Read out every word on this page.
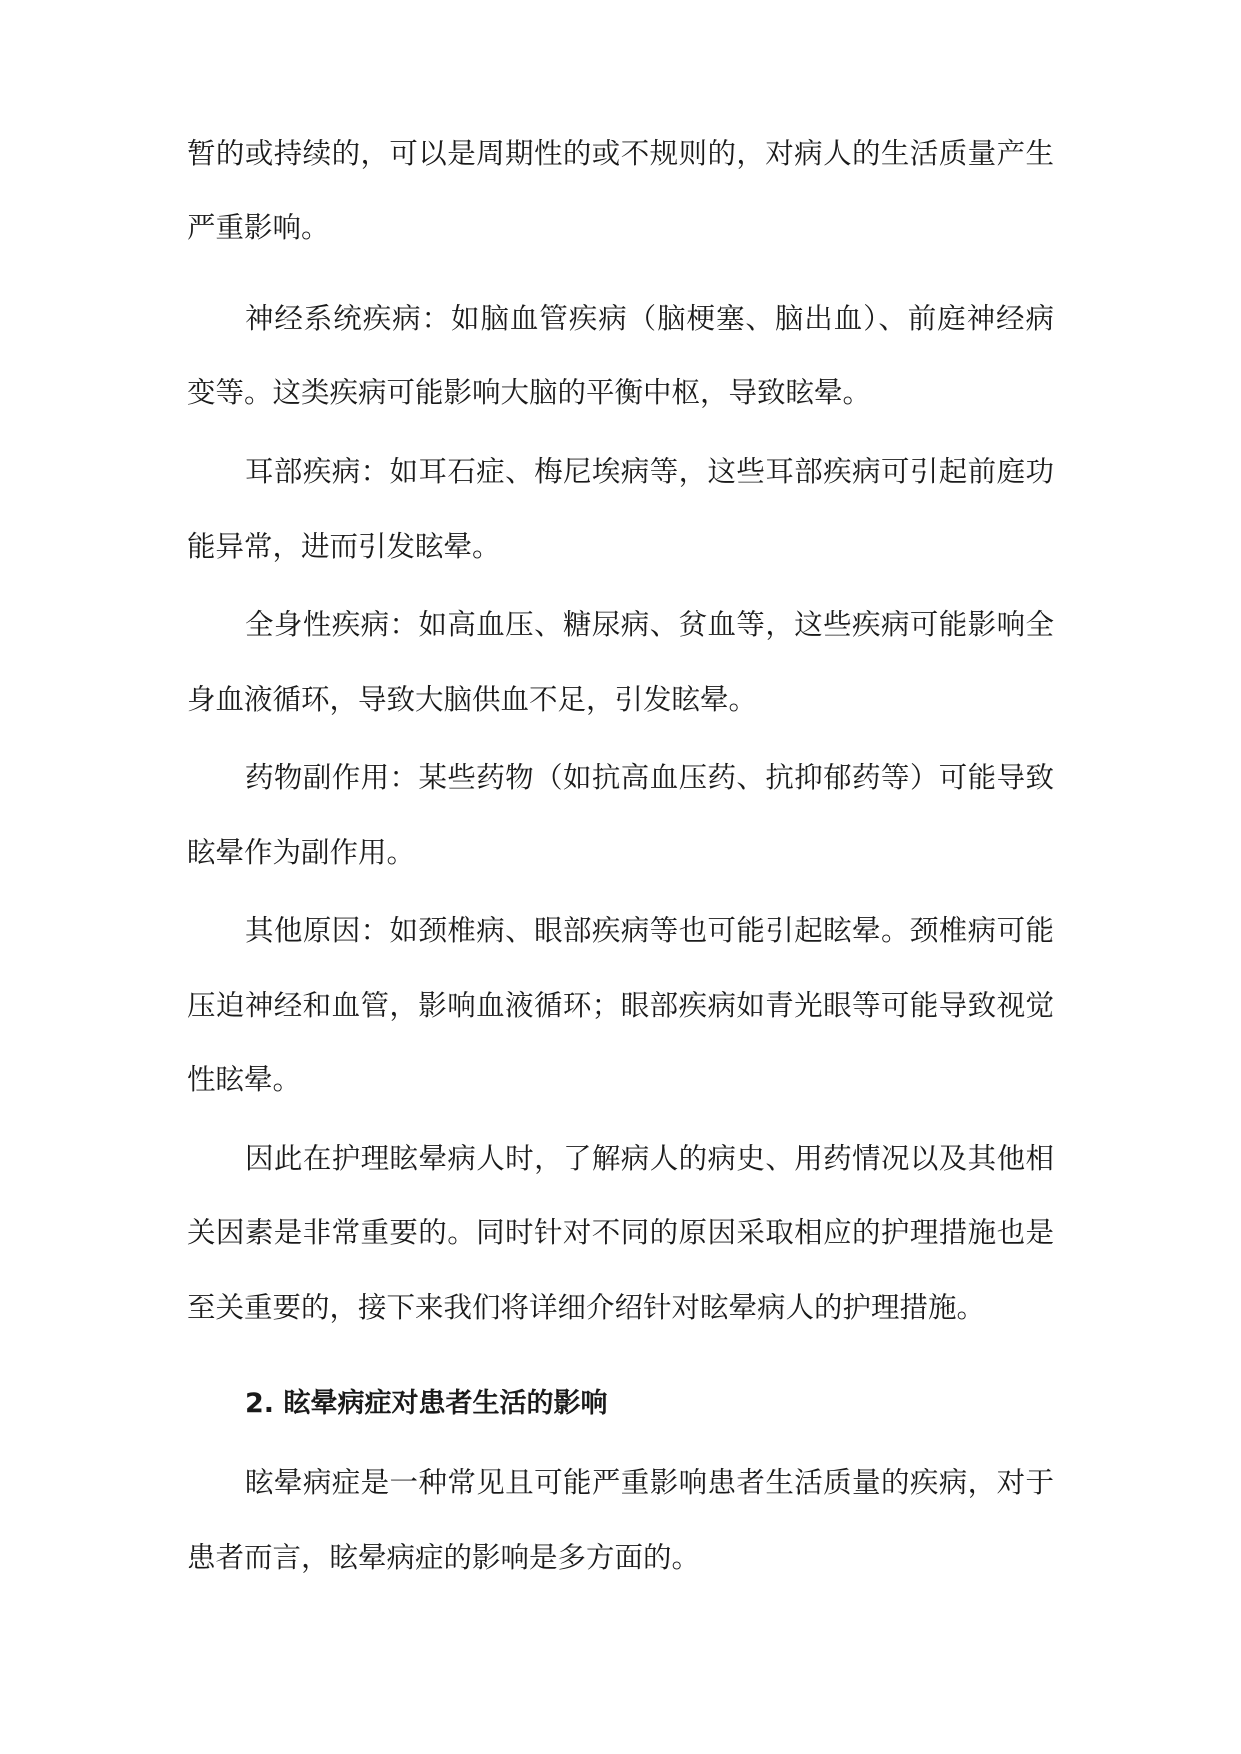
暂的或持续的，可以是周期性的或不规则的，对病人的生活质量产生
严重影响。
神经系统疾病：如脑血管疾病（脑梗塞、脑出血）、前庭神经病
变等。这类疾病可能影响大脑的平衡中枢，导致眩晕。
耳部疾病：如耳石症、梅尼埃病等，这些耳部疾病可引起前庭功
能异常，进而引发眩晕。
全身性疾病：如高血压、糖尿病、贫血等，这些疾病可能影响全
身血液循环，导致大脑供血不足，引发眩晕。
药物副作用：某些药物（如抗高血压药、抗抑郁药等）可能导致
眩晕作为副作用。
其他原因：如颈椎病、眼部疾病等也可能引起眩晕。颈椎病可能
压迫神经和血管，影响血液循环；眼部疾病如青光眼等可能导致视觉
性眩晕。
因此在护理眩晕病人时，了解病人的病史、用药情况以及其他相
关因素是非常重要的。同时针对不同的原因采取相应的护理措施也是
至关重要的，接下来我们将详细介绍针对眩晕病人的护理措施。
2. 眩晕病症对患者生活的影响
眩晕病症是一种常见且可能严重影响患者生活质量的疾病，对于
患者而言，眩晕病症的影响是多方面的。
